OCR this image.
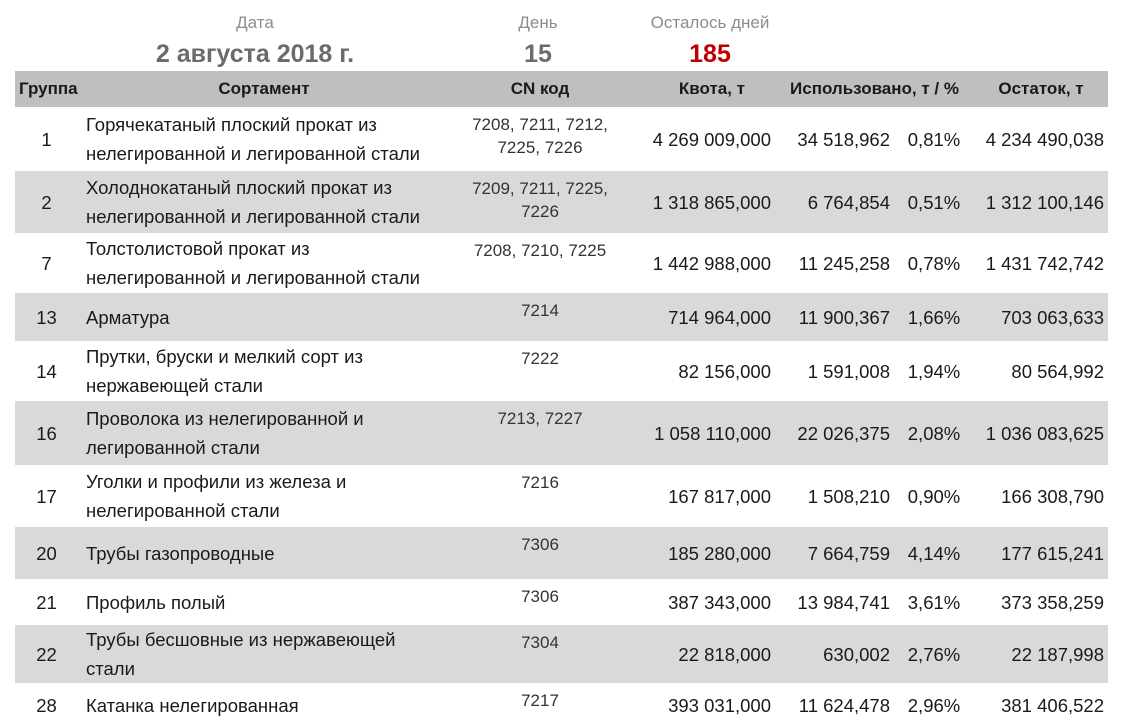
Дата
2 августа 2018 г.
День
15
Осталось дней
185
Группа	Сортамент	CN код	Квота, т	Использовано, т / %		Остаток, т
1	Горячекатаный плоский прокат из нелегированной и легированной стали	7208, 7211, 7212, 7225, 7226	4 269 009,000	34 518,962	0,81%	4 234 490,038
2	Холоднокатаный плоский прокат из нелегированной и легированной стали	7209, 7211, 7225, 7226	1 318 865,000	6 764,854	0,51%	1 312 100,146
7	Толстолистовой прокат из нелегированной и легированной стали	7208, 7210, 7225	1 442 988,000	11 245,258	0,78%	1 431 742,742
13	Арматура	7214	714 964,000	11 900,367	1,66%	703 063,633
14	Прутки, бруски и мелкий сорт из нержавеющей стали	7222	82 156,000	1 591,008	1,94%	80 564,992
16	Проволока из нелегированной и легированной стали	7213, 7227	1 058 110,000	22 026,375	2,08%	1 036 083,625
17	Уголки и профили из железа и нелегированной стали	7216	167 817,000	1 508,210	0,90%	166 308,790
20	Трубы газопроводные	7306	185 280,000	7 664,759	4,14%	177 615,241
21	Профиль полый	7306	387 343,000	13 984,741	3,61%	373 358,259
22	Трубы бесшовные из нержавеющей стали	7304	22 818,000	630,002	2,76%	22 187,998
28	Катанка нелегированная	7217	393 031,000	11 624,478	2,96%	381 406,522
